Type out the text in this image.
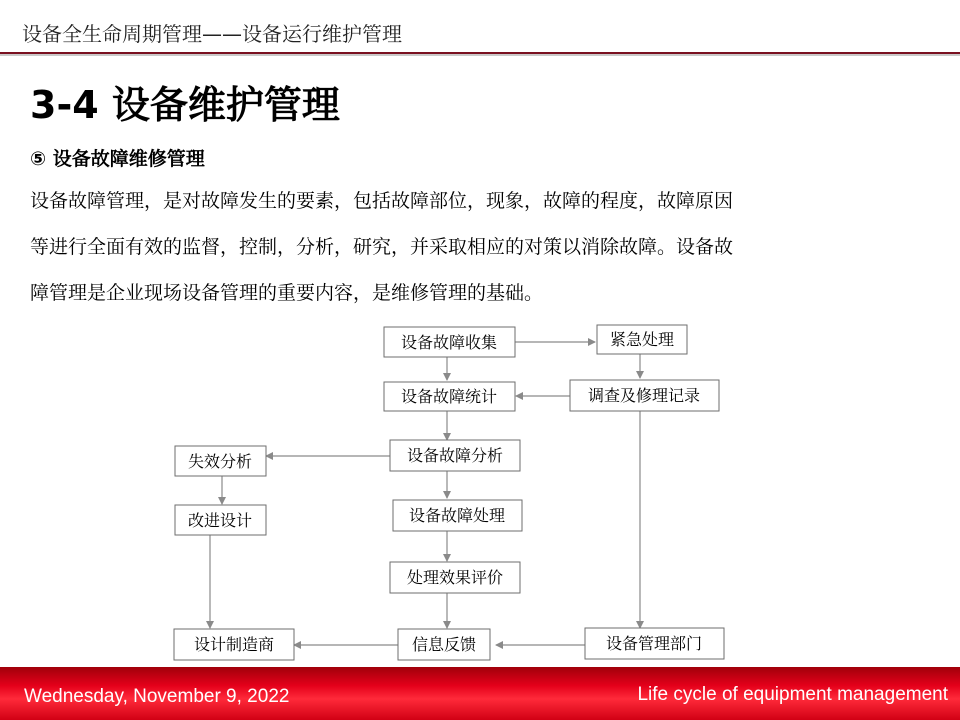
设备全生命周期管理——设备运行维护管理
3-4 设备维护管理
⑤ 设备故障维修管理

设备故障管理，是对故障发生的要素，包括故障部位，现象，故障的程度，故障原因

等进行全面有效的监督，控制，分析，研究，并采取相应的对策以消除故障。设备故

障管理是企业现场设备管理的重要内容，是维修管理的基础。

设备故障收集	紧急处理
设备故障统计	调查及修理记录
设备故障分析
失效分析
改进设计	设备故障处理
处理效果评价
信息反馈
设计制造商	设备管理部门
Wednesday, November 9, 2022	Life cycle of equipment management
